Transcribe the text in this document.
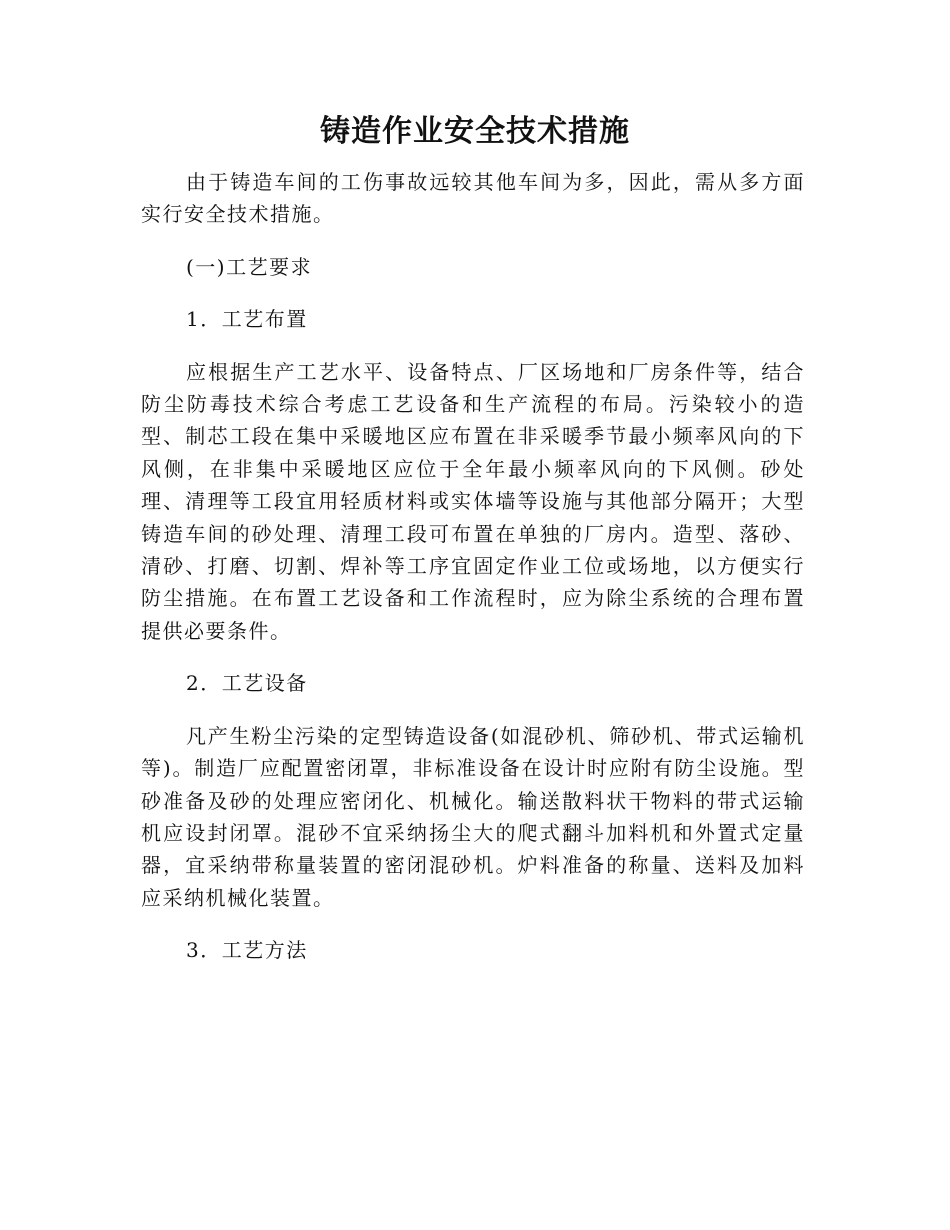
铸造作业安全技术措施

由于铸造车间的工伤事故远较其他车间为多，因此，需从多方面实行安全技术措施。

(一)工艺要求

1．工艺布置

应根据生产工艺水平、设备特点、厂区场地和厂房条件等，结合防尘防毒技术综合考虑工艺设备和生产流程的布局。污染较小的造型、制芯工段在集中采暖地区应布置在非采暖季节最小频率风向的下风侧，在非集中采暖地区应位于全年最小频率风向的下风侧。砂处理、清理等工段宜用轻质材料或实体墙等设施与其他部分隔开；大型铸造车间的砂处理、清理工段可布置在单独的厂房内。造型、落砂、清砂、打磨、切割、焊补等工序宜固定作业工位或场地，以方便实行防尘措施。在布置工艺设备和工作流程时，应为除尘系统的合理布置提供必要条件。

2．工艺设备

凡产生粉尘污染的定型铸造设备(如混砂机、筛砂机、带式运输机等)。制造厂应配置密闭罩，非标准设备在设计时应附有防尘设施。型砂准备及砂的处理应密闭化、机械化。输送散料状干物料的带式运输机应设封闭罩。混砂不宜采纳扬尘大的爬式翻斗加料机和外置式定量器，宜采纳带称量装置的密闭混砂机。炉料准备的称量、送料及加料应采纳机械化装置。

3．工艺方法
